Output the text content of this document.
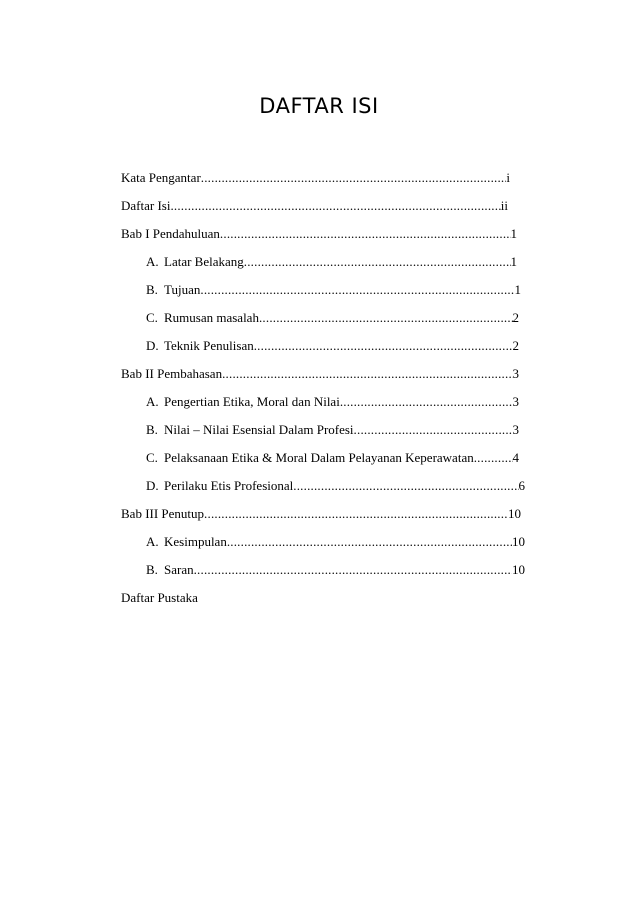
DAFTAR ISI
Kata Pengantar .....	i
Daftar Isi .....	ii
Bab I Pendahuluan .....	1
A. Latar Belakang .....	1
B. Tujuan .....	1
C. Rumusan masalah .....	2
D. Teknik Penulisan .....	2
Bab II Pembahasan .....	3
A. Pengertian Etika, Moral dan Nilai .....	3
B. Nilai – Nilai Esensial Dalam Profesi .....	3
C. Pelaksanaan Etika & Moral Dalam Pelayanan Keperawatan .....	4
D. Perilaku Etis Profesional .....	6
Bab III Penutup .....	10
A. Kesimpulan .....	10
B. Saran .....	10
Daftar Pustaka
